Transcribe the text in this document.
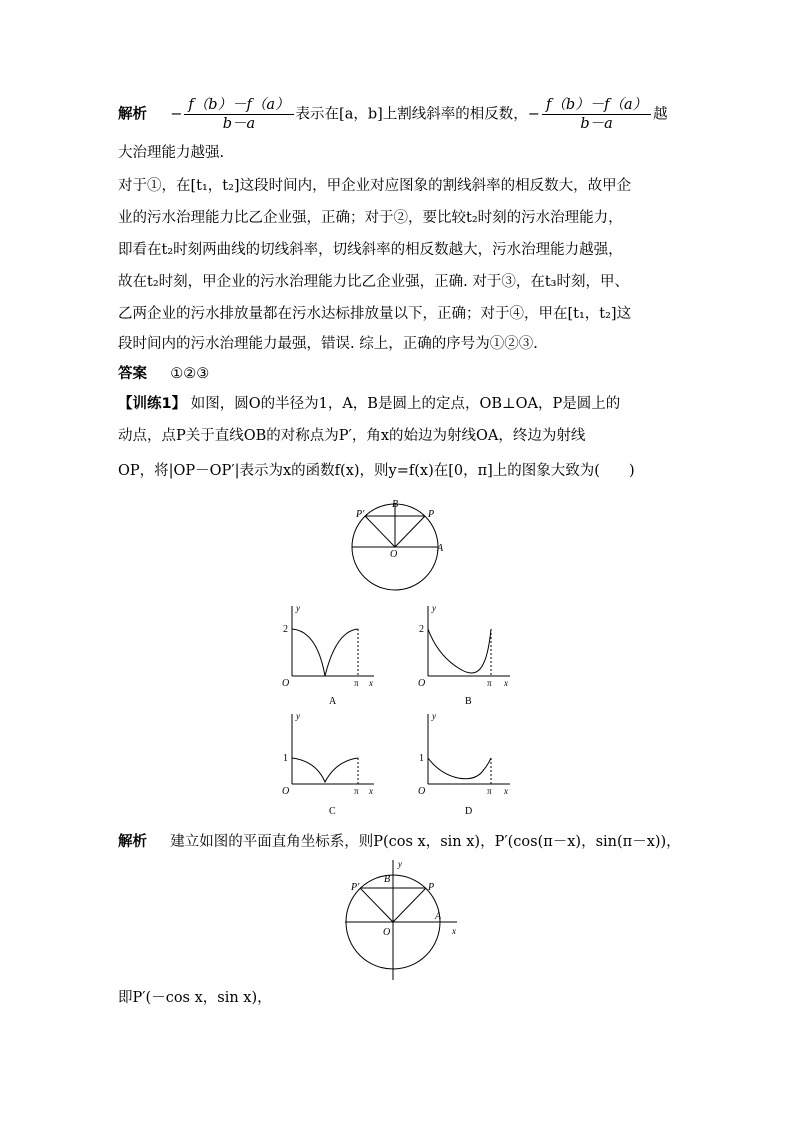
解析 − $\frac{f(b)-f(a)}{b-a}$ 表示在[a，b]上割线斜率的相反数，− $\frac{f(b)-f(a)}{b-a}$ 越
大治理能力越强.
对于①，在[t₁，t₂]这段时间内，甲企业对应图象的割线斜率的相反数大，故甲企
业的污水治理能力比乙企业强，正确；对于②，要比较t₂时刻的污水治理能力，
即看在t₂时刻两曲线的切线斜率，切线斜率的相反数越大，污水治理能力越强，
故在t₂时刻，甲企业的污水治理能力比乙企业强，正确. 对于③，在t₃时刻，甲、
乙两企业的污水排放量都在污水达标排放量以下，正确；对于④，甲在[t₁，t₂]这
段时间内的污水治理能力最强，错误. 综上，正确的序号为①②③.
答案 ①②③
【训练1】 如图，圆O的半径为1，A，B是圆上的定点，OB⊥OA，P是圆上的
动点，点P关于直线OB的对称点为P′，角x的始边为射线OA，终边为射线
OP，将|OP－OP′|表示为x的函数f(x)，则y=f(x)在[0，π]上的图象大致为(　　)
B
P′	P
O
A
y
2
O	π x
A
y
2
O	π x
B
y
1
O	π x
C
y
1
O	π x
D
解析 建立如图的平面直角坐标系，则P(cos x，sin x)，P′(cos(π－x)，sin(π－x))，
y
B
P′	P
A
O	x
即P′(－cos x，sin x)，
